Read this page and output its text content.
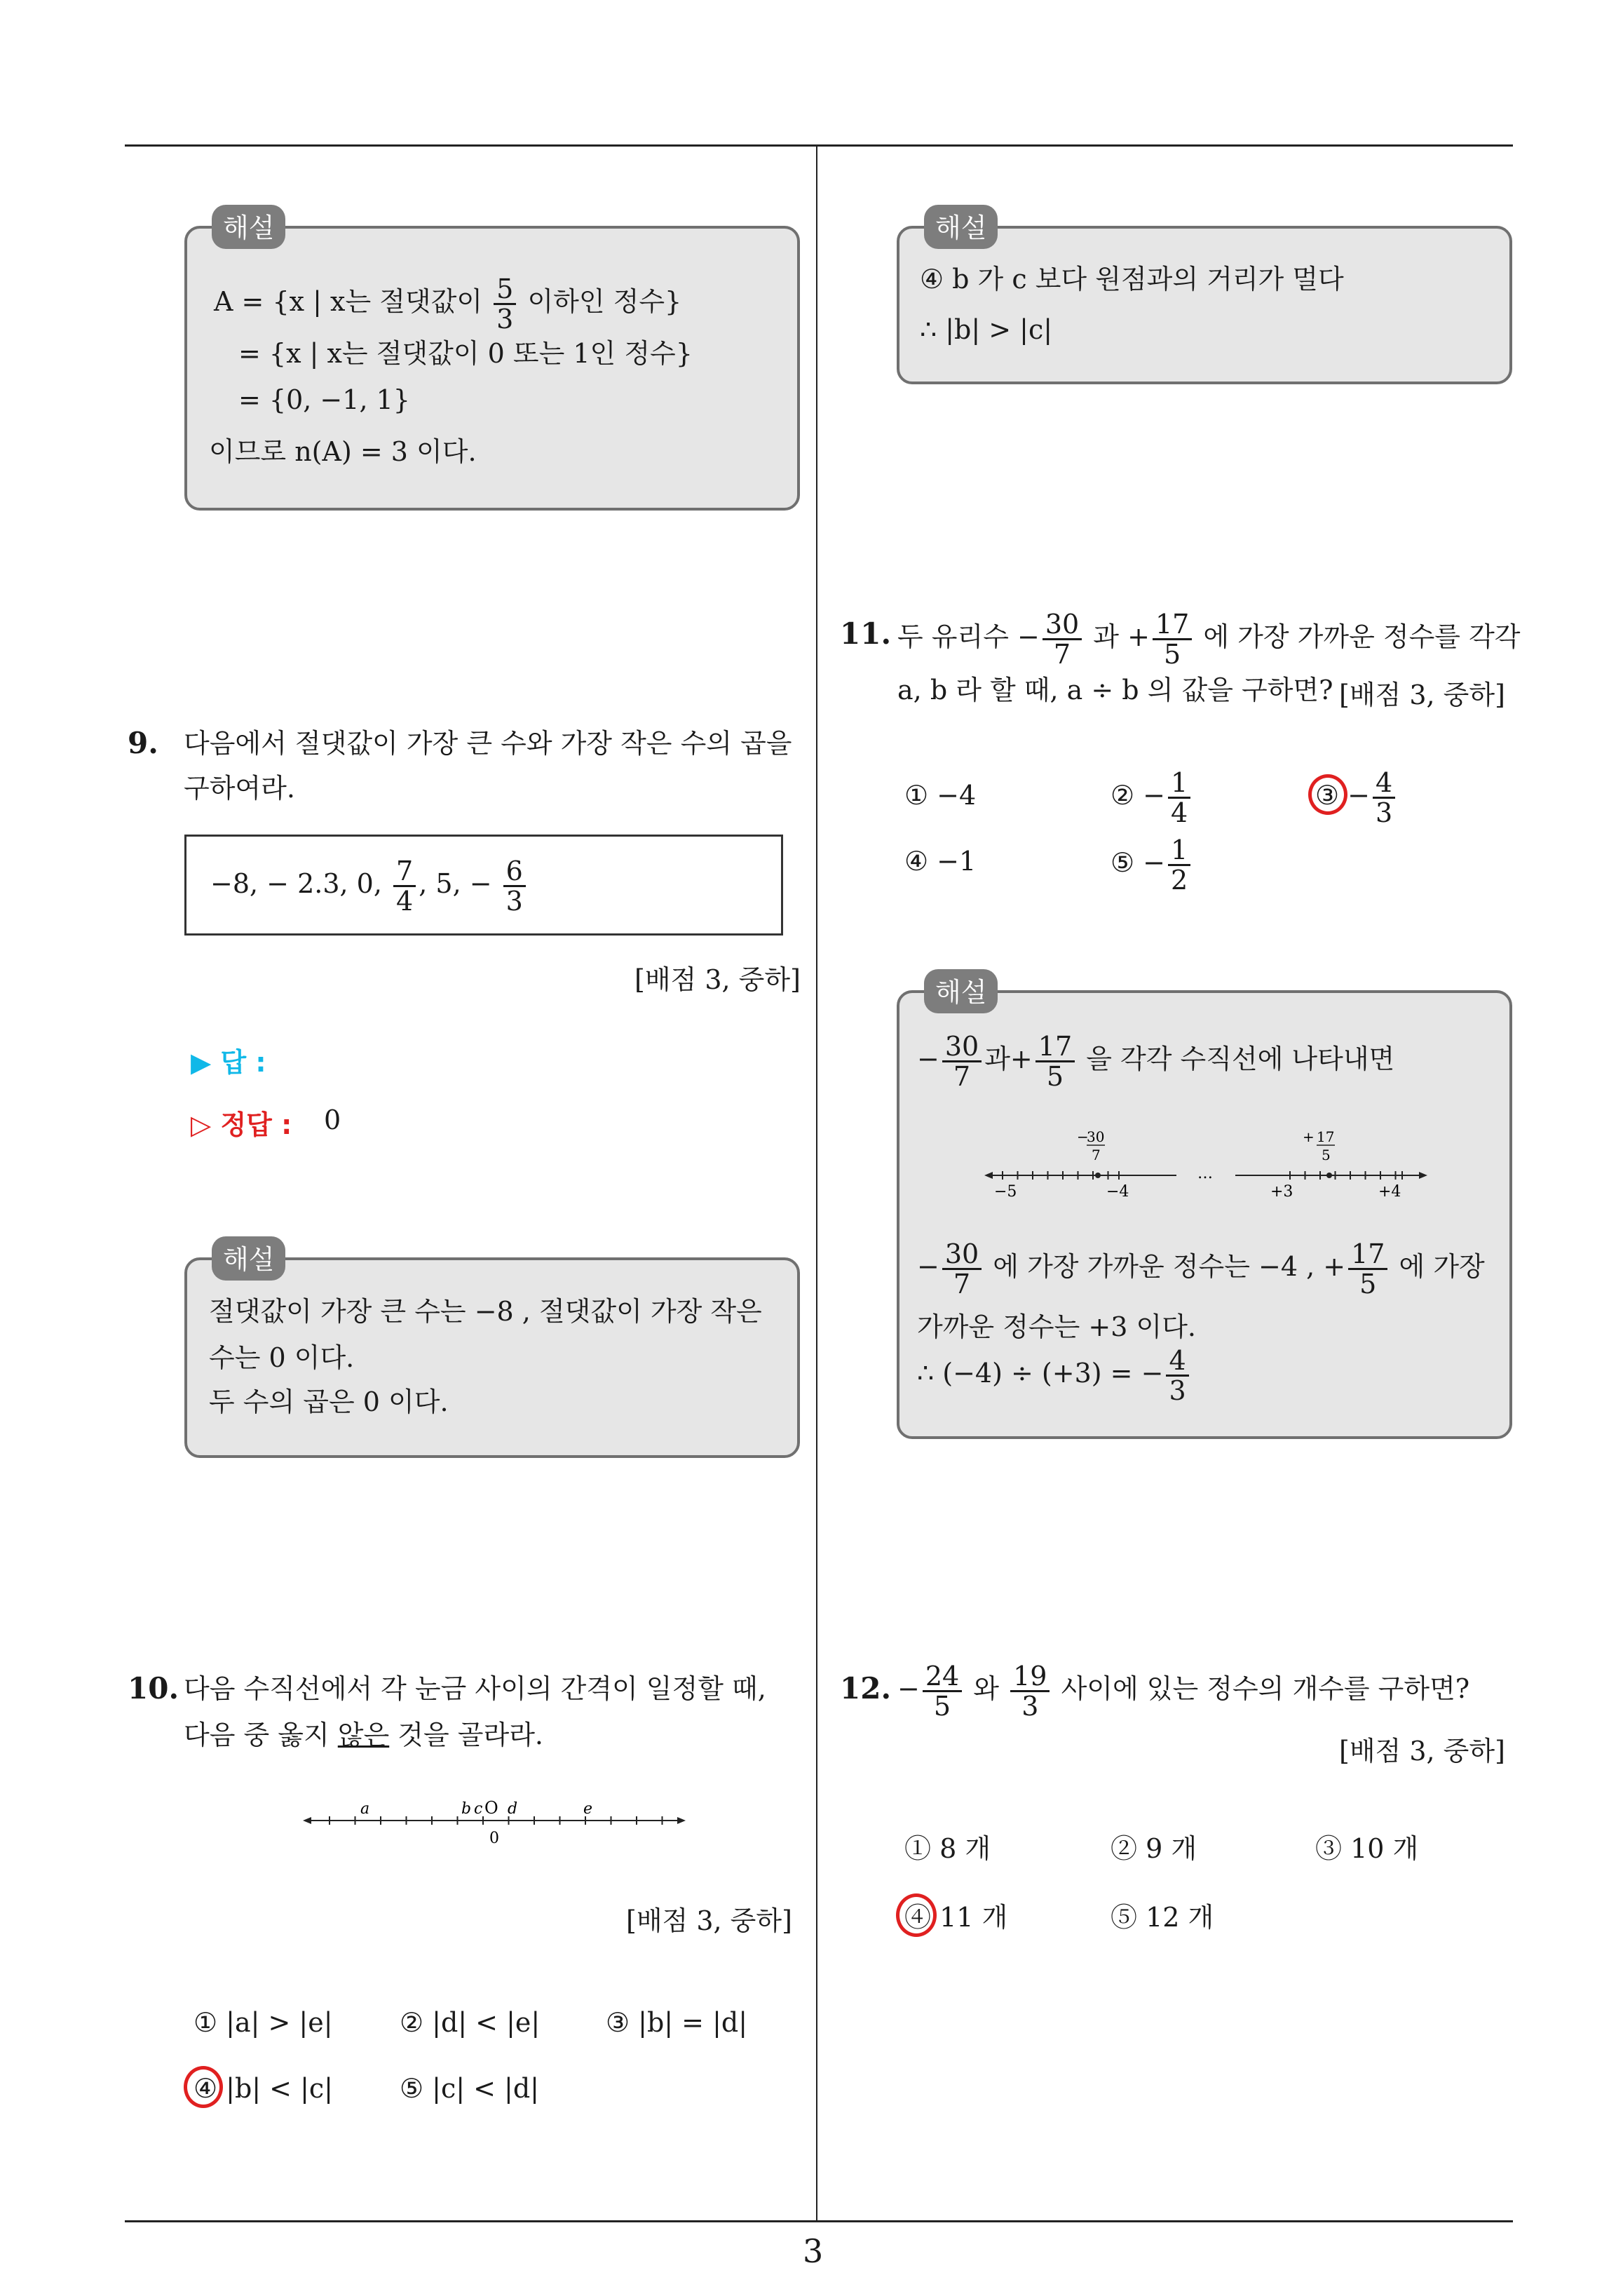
3
해설
A = {x | x는 절댓값이 $\frac{5}{3}$ 이하인 정수}
= {x | x는 절댓값이 0 또는 1인 정수}
= {0, −1, 1}
이므로 n(A) = 3 이다.
9. 다음에서 절댓값이 가장 큰 수와 가장 작은 수의 곱을
구하여라.
−8, − 2.3, 0, $\frac{7}{4}$ , 5, − $\frac{6}{3}$
[배점 3, 중하]
▶ 답 :
▷ 정답 : 0
해설
절댓값이 가장 큰 수는 −8 , 절댓값이 가장 작은
수는 0 이다.
두 수의 곱은 0 이다.
10. 다음 수직선에서 각 눈금 사이의 간격이 일정할 때,
다음 중 옳지 않은 것을 골라라.
a	b c O d	e
0
[배점 3, 중하]
① |a| > |e|	② |d| < |e| ③ |b| = |d|
④ |b| < |c|	⑤ |c| < |d|
해설
④ b 가 c 보다 원점과의 거리가 멀다
∴ |b| > |c|
11. 두 유리수 − $\frac{30}{7}$ 과 + $\frac{17}{5}$ 에 가장 가까운 정수를 각각
a, b 라 할 때, a ÷ b 의 값을 구하면? [배점 3, 중하]
① −4	② − $\frac{1}{4}$	③ − $\frac{4}{3}$
④ −1	⑤ − $\frac{1}{2}$
해설
− $\frac{30}{7}$ 과+ $\frac{17}{5}$ 을 각각 수직선에 나타내면
−
30
7
+ 17
5
−5	−4
…
+3	+4
− $\frac{30}{7}$ 에 가장 가까운 정수는 −4 , + $\frac{17}{5}$ 에 가장
가까운 정수는 +3 이다.
∴ (−4) ÷ (+3) = − $\frac{4}{3}$
12. − $\frac{24}{5}$ 와 $\frac{19}{3}$ 사이에 있는 정수의 개수를 구하면?
[배점 3, 중하]
① 8 개	② 9 개	③ 10 개
④ 11 개	⑤ 12 개
